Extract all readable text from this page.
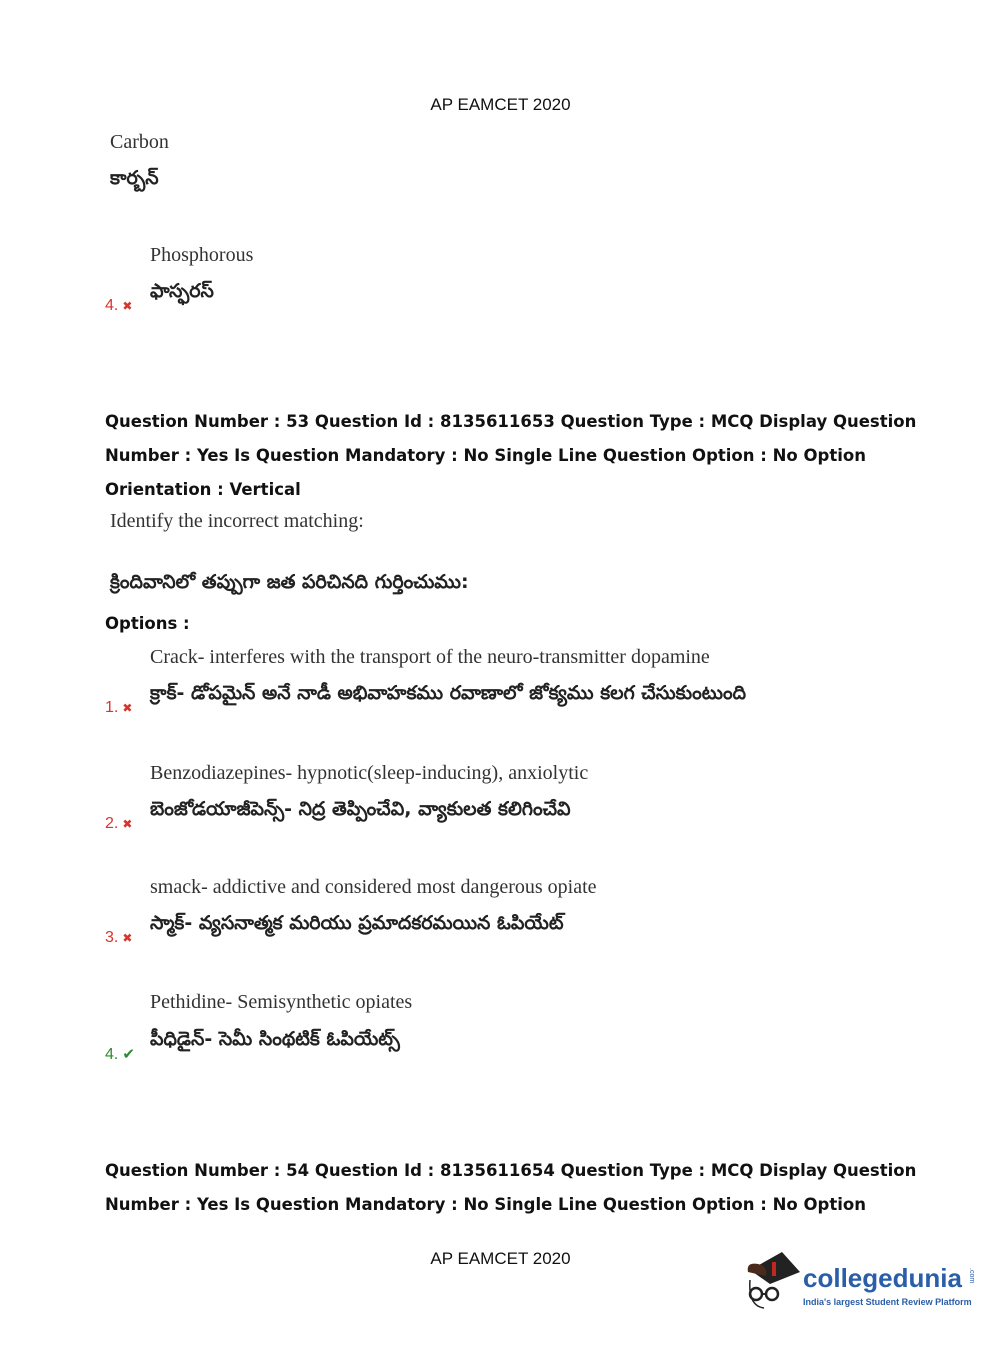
AP EAMCET 2020
Carbon
కార్బన్
Phosphorous
ఫాస్ఫరస్
4. ✖
Question Number : 53 Question Id : 8135611653 Question Type : MCQ Display Question
Number : Yes Is Question Mandatory : No Single Line Question Option : No Option
Orientation : Vertical
Identify the incorrect matching:
క్రిందివానిలో తప్పుగా జత పరిచినది గుర్తించుము:
Options :
Crack- interferes with the transport of the neuro-transmitter dopamine
క్రాక్- డోపమైన్ అనే నాడీ అభివాహకము రవాణాలో జోక్యము కలగ చేసుకుంటుంది
1. ✖
Benzodiazepines- hypnotic(sleep-inducing), anxiolytic
బెంజోడయాజీపెన్స్- నిద్ర తెప్పించేవి, వ్యాకులత కలిగించేవి
2. ✖
smack- addictive and considered most dangerous opiate
స్మాక్- వ్యసనాత్మక మరియు ప్రమాదకరమయిన ఓపియేట్
3. ✖
Pethidine- Semisynthetic opiates
పీధిడైన్- సెమీ సింథటిక్ ఓపియేట్స్
4. ✔
Question Number : 54 Question Id : 8135611654 Question Type : MCQ Display Question
Number : Yes Is Question Mandatory : No Single Line Question Option : No Option
AP EAMCET 2020
collegedunia .com
India's largest Student Review Platform
